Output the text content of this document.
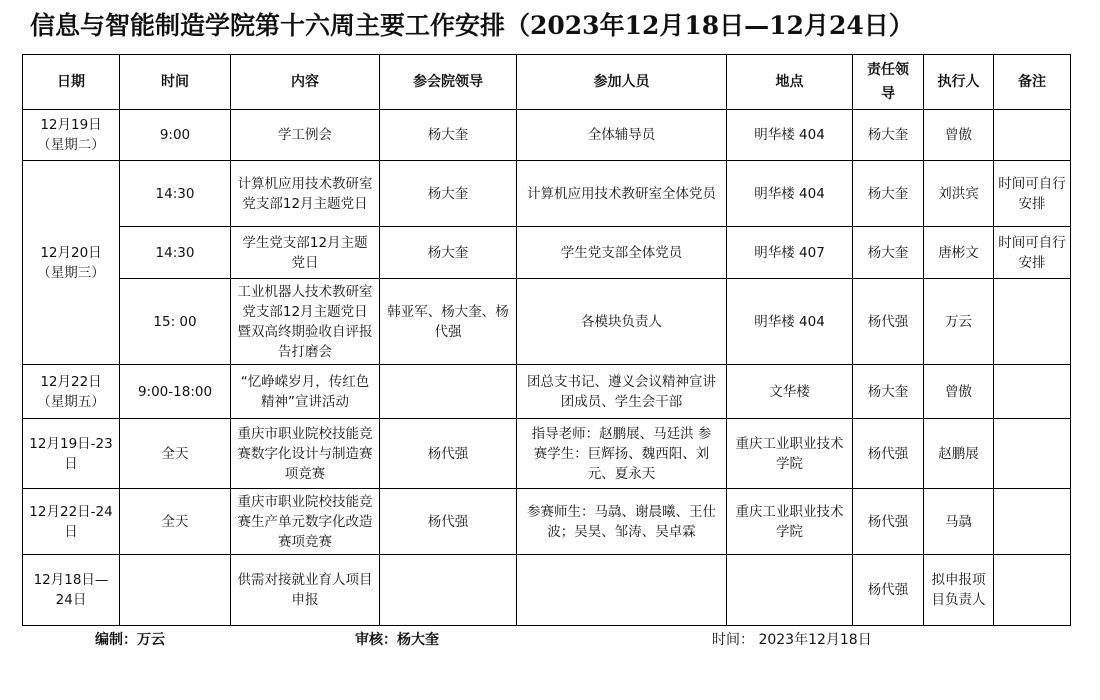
信息与智能制造学院第十六周主要工作安排（2023年12月18日—12月24日）
日期	时间	内容	参会院领导	参加人员	地点	责任领导	执行人	备注
12月19日（星期二）	9:00	学工例会	杨大奎	全体辅导员	明华楼 404	杨大奎	曾傲	
12月20日（星期三）	14:30	计算机应用技术教研室党支部12月主题党日	杨大奎	计算机应用技术教研室全体党员	明华楼 404	杨大奎	刘洪宾	时间可自行安排
	14:30	学生党支部12月主题党日	杨大奎	学生党支部全体党员	明华楼 407	杨大奎	唐彬文	时间可自行安排
	15: 00	工业机器人技术教研室党支部12月主题党日暨双高终期验收自评报告打磨会	韩亚军、杨大奎、杨代强	各模块负责人	明华楼 404	杨代强	万云	
12月22日（星期五）	9:00-18:00	“忆峥嵘岁月，传红色精神”宣讲活动		团总支书记、遵义会议精神宣讲团成员、学生会干部	文华楼	杨大奎	曾傲	
12月19日-23日	全天	重庆市职业院校技能竞赛数字化设计与制造赛项竞赛	杨代强	指导老师：赵鹏展、马廷洪 参赛学生：巨辉扬、魏西阳、刘元、夏永天	重庆工业职业技术学院	杨代强	赵鹏展	
12月22日-24日	全天	重庆市职业院校技能竞赛生产单元数字化改造赛项竞赛	杨代强	参赛师生：马骉、谢晨曦、王仕波；吴昊、邹涛、吴卓霖	重庆工业职业技术学院	杨代强	马骉	
12月18日—24日		供需对接就业育人项目申报				杨代强	拟申报项目负责人	
编制：万云	审核：杨大奎	时间： 2023年12月18日
